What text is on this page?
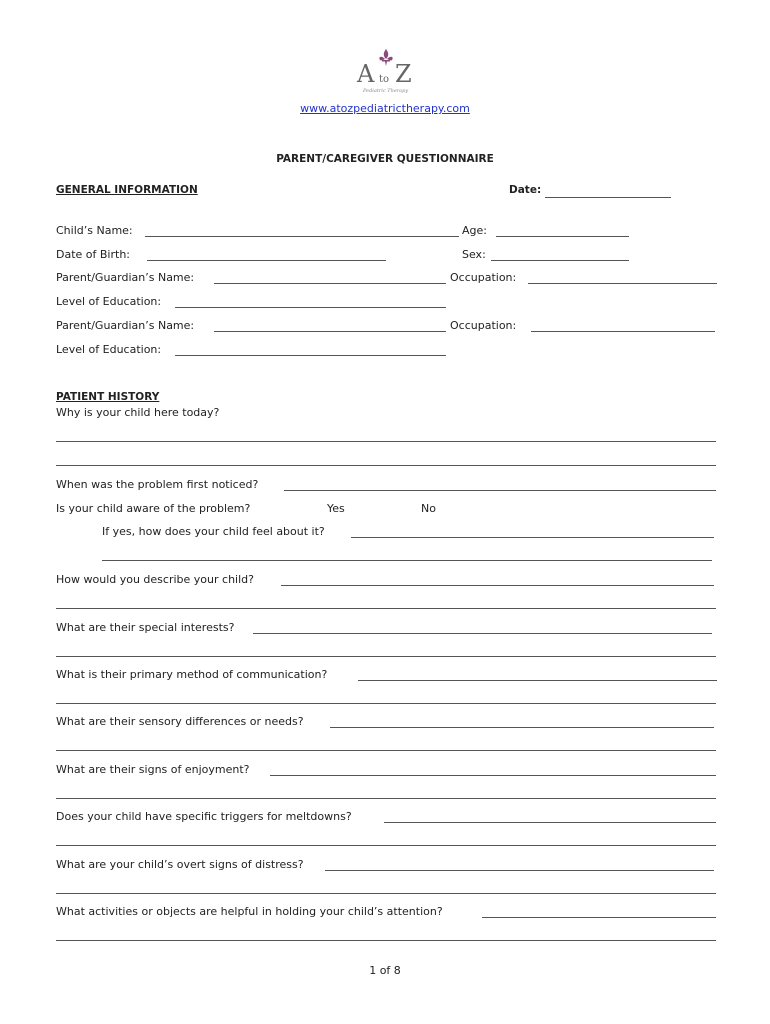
A to Z
Pediatric Therapy
www.atozpediatrictherapy.com
PARENT/CAREGIVER QUESTIONNAIRE
GENERAL INFORMATION	Date:
Child’s Name:	Age:
Date of Birth:	Sex:
Parent/Guardian’s Name:	Occupation:
Level of Education:
Parent/Guardian’s Name:	Occupation:
Level of Education:
PATIENT HISTORY
Why is your child here today?
When was the problem first noticed?
Is your child aware of the problem?	Yes	No
If yes, how does your child feel about it?
How would you describe your child?
What are their special interests?
What is their primary method of communication?
What are their sensory differences or needs?
What are their signs of enjoyment?
Does your child have specific triggers for meltdowns?
What are your child’s overt signs of distress?
What activities or objects are helpful in holding your child’s attention?
1 of 8
